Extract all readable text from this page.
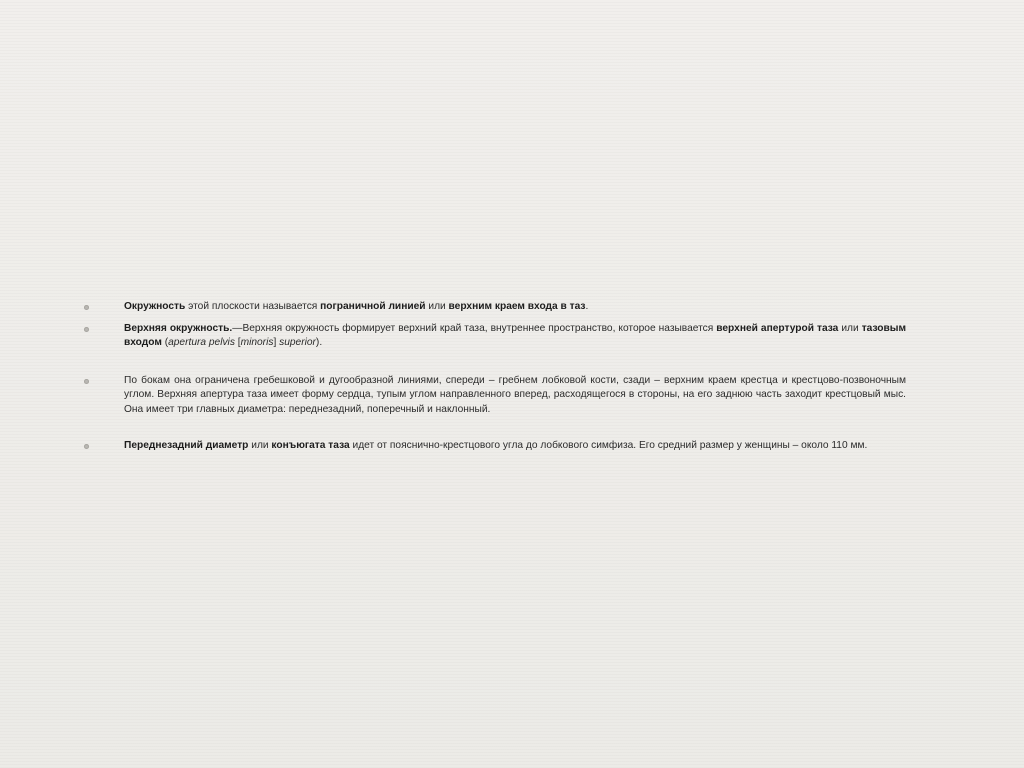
Окружность этой плоскости называется пограничной линией или верхним краем входа в таз.
Верхняя окружность.—Верхняя окружность формирует верхний край таза, внутреннее пространство, которое называется верхней апертурой таза или тазовым входом (apertura pelvis [minoris] superior).
По бокам она ограничена гребешковой и дугообразной линиями, спереди – гребнем лобковой кости, сзади – верхним краем крестца и крестцово-позвоночным углом. Верхняя апертура таза имеет форму сердца, тупым углом направленного вперед, расходящегося в стороны, на его заднюю часть заходит крестцовый мыс. Она имеет три главных диаметра: переднезадний, поперечный и наклонный.
Переднезадний диаметр или конъюгата таза идет от пояснично-крестцового угла до лобкового симфиза. Его средний размер у женщины – около 110 мм.
